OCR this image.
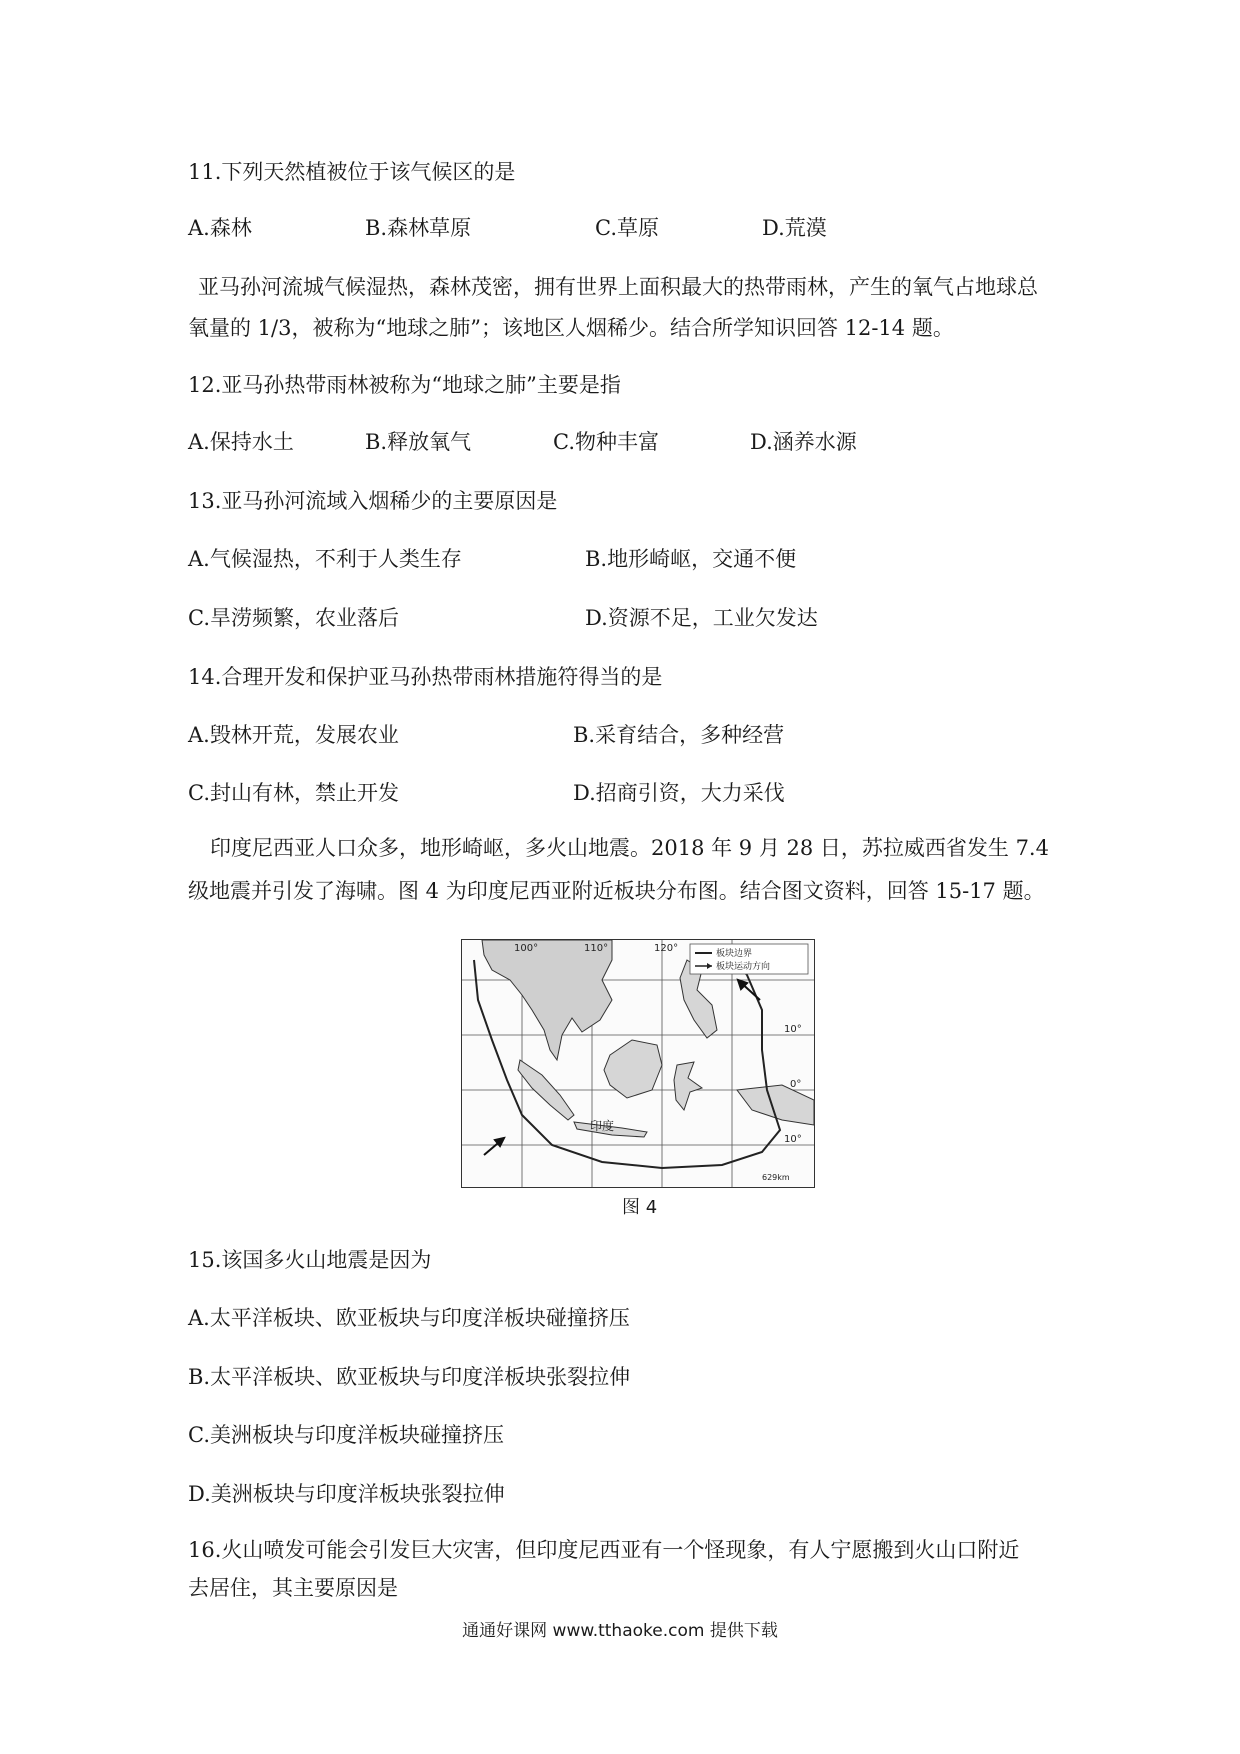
11.下列天然植被位于该气候区的是
A.森林	B.森林草原	C.草原	D.荒漠
亚马孙河流城气候湿热，森林茂密，拥有世界上面积最大的热带雨林，产生的氧气占地球总
氧量的 1/3，被称为“地球之肺”；该地区人烟稀少。结合所学知识回答 12-14 题。
12.亚马孙热带雨林被称为“地球之肺”主要是指
A.保持水土	B.释放氧气	C.物种丰富	D.涵养水源
13.亚马孙河流域入烟稀少的主要原因是
A.气候湿热，不利于人类生存	B.地形崎岖，交通不便
C.旱涝频繁，农业落后	D.资源不足，工业欠发达
14.合理开发和保护亚马孙热带雨林措施符得当的是
A.毁林开荒，发展农业	B.采育结合，多种经营
C.封山有林，禁止开发	D.招商引资，大力采伐
印度尼西亚人口众多，地形崎岖，多火山地震。2018 年 9 月 28 日，苏拉威西省发生 7.4
级地震并引发了海啸。图 4 为印度尼西亚附近板块分布图。结合图文资料，回答 15-17 题。
板块边界
板块运动方向
100°	110°	120°
10°
0°
10°
印度
629km
图 4
15.该国多火山地震是因为
A.太平洋板块、欧亚板块与印度洋板块碰撞挤压
B.太平洋板块、欧亚板块与印度洋板块张裂拉伸
C.美洲板块与印度洋板块碰撞挤压
D.美洲板块与印度洋板块张裂拉伸
16.火山喷发可能会引发巨大灾害，但印度尼西亚有一个怪现象，有人宁愿搬到火山口附近
去居住，其主要原因是
通通好课网 www.tthaoke.com 提供下载
